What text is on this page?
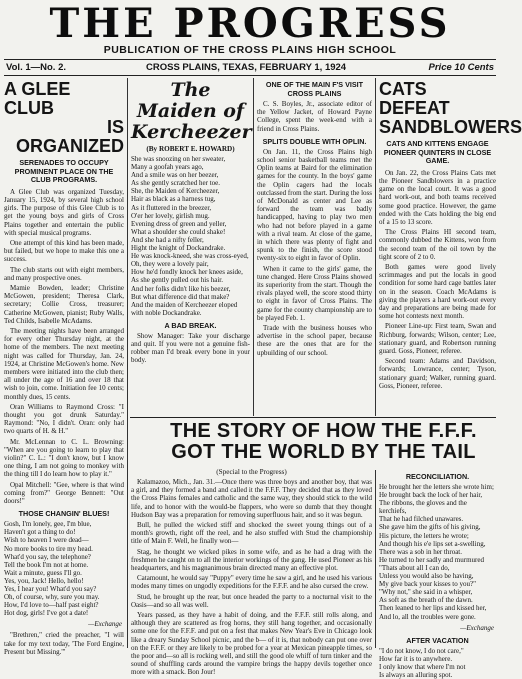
THE PROGRESS
PUBLICATION OF THE CROSS PLAINS HIGH SCHOOL
Vol. 1—No. 2.	CROSS PLAINS, TEXAS, FEBRUARY 1, 1924	Price 10 Cents
A GLEE CLUB
IS ORGANIZED
SERENADES TO OCCUPY PROMINENT PLACE ON THE CLUB PROGRAMS.

A Glee Club was organized Tuesday, January 15, 1924, by several high school girls. The purpose of this Glee Club is to get the young boys and girls of Cross Plains together and entertain the public with special musical programs.

One attempt of this kind has been made, but failed, but we hope to make this one a success.

The club starts out with eight members, and many prospective ones.

Mamie Bowden, leader; Christine McGowen, president; Theresa Clark, secretary; Collie Cross, treasurer; Catherine McGowen, pianist; Ruby Walls, Ted Childs, Isabelle McAdams.

The meeting nights have been arranged for every other Thursday night, at the home of the members. The next meeting night was called for Thursday, Jan. 24, 1924, at Christine McGowen's home. New members were initiated into the club then; all under the age of 16 and over 18 that wish to join, come. Initiation fee 10 cents; monthly dues, 15 cents.

Oran Williams to Raymond Cross: "I thought you got drunk Saturday." Raymond: "No, I didn't. Oran: only had two quarts of H. & H."

Mr. McLennan to C. L. Browning: "When are you going to learn to play that violin?" C. L.: "I don't know, but I know one thing, I am not going to monkey with the thing till I do learn how to play it."

Opal Mitchell: "Gee, where is that wind coming from?" George Bennett: "Out doors!"

THOSE CHANGIN' BLUES!
Gosh, I'm lonely, gee, I'm blue,
Haven't got a thing to do!
Wish to heaven I were dead—
No more books to tire my head.
What'd you say, the telephone?
Tell the book I'm not at home.
Wait a minute, guess I'll go.
Yes, you, Jack! Hello, hello!
Yes, I hear you! What'd you say?
Oh, of course, why, sure you may.
How, I'd love to—half past eight?
Hot dog, girls! I've got a date!
—Exchange

"Brethren," cried the preacher, "I will take for my text today, 'The Ford Engine, Present but Missing.'"

The Maiden of
Kercheezer
(By ROBERT E. HOWARD)
She was snoozing on her sweater,
Many a goofah years ago,
And a smile was on her beezer,
As she gently scratched her toe.
She, the Maiden of Kercheezer,
Hair as black as a harness tug,
As it fluttered in the breezer,
O'er her lovely, girlish mug.
Evening dress of green and yeller,
What a shoulder she could shake!
And she had a nifty feller,
Hight the knight of Dockandrake.
He was knock-kneed, she was cross-eyed,
Oh, they were a lovely pair,
How he'd fondly knock her knees aside,
As she gently pulled out his hair.
And her folks didn't like his beezer,
But what difference did that make?
And the maiden of Kercheezer eloped with noble Dockandrake.
A BAD BREAK.

Show Manager: Take your discharge and quit. If you were not a genuine fish-robber man I'd break every bone in your body.

ONE OF THE MAIN F'S VISIT CROSS PLAINS

C. S. Boyles, Jr., associate editor of the Yellow Jacket, of Howard Payne College, spent the week-end with a friend in Cross Plains.

SPLITS DOUBLE WITH OPLIN.

On Jan. 11, the Cross Plains high school senior basketball teams met the Oplin teams at Baird for the elimination games for the county. In the boys' game the Oplin cagers had the locals outclassed from the start. During the loss of McDonald as center and Lee as forward the team was badly handicapped, having to play two men who had not before played in a game with a rival team. At close of the game, in which there was plenty of fight and spunk to the finish, the score stood twenty-six to eight in favor of Oplin.

When it came to the girls' game, the tune changed. Here Cross Plains showed its superiority from the start. Though the rivals played well, the score stood thirty to eight in favor of Cross Plains. The game for the county championship are to be played Feb. 1.

Trade with the business houses who advertise in the school paper, because these are the ones that are for the upbuilding of our school.

CATS DEFEAT
SANDBLOWERS
CATS AND KITTENS ENGAGE PIONEER QUINTERS IN CLOSE GAME.

On Jan. 22, the Cross Plains Cats met the Pioneer Sandblowers in a practice game on the local court. It was a good hard work-out, and both teams received some good practice. However, the game ended with the Cats holding the big end of a 15 to 13 score.

The Cross Plains HI second team, commonly dubbed the Kittens, won from the second team of the oil town by the tight score of 2 to 0.

Both games were good lively scrimmages and put the locals in good condition for some hard cage battles later on in the season. Coach McAdams is giving the players a hard work-out every day and preparations are being made for some hot contests next month.

Pioneer Line-up: First team, Swan and Richburg, forwards; Wilson, center; Lee, stationary guard, and Robertson running guard. Goss, Pioneer, referee.

Second team: Adams and Davidson, forwards; Lowrance, center; Tyson, stationary guard; Walker, running guard. Goss, Pioneer, referee.

THE STORY OF HOW THE F.F.F. GOT THE WORLD BY THE TAIL
(Special to the Progress)

Kalamazoo, Mich., Jan. 31.—Once there was three boys and another boy, that was a girl, and they formed a band and called it the F.F.F. They decided that as they loved the Cross Plains females and catholic and the same way, they should stick to the wild life, and to honor with the would-be flappers, who were so dumb that they thought Hudson Bay was a preparation for removing superfluous hair, and so it was begun.

Bull, he pulled the wicked stiff and shocked the sweet young things out of a month's growth, right off the reel, and he also stuffed with Stud the championship title of Main F. Well, he finally won—

Stag, he thought we wicked pikes in some wife, and as he had a drag with the freshmen he caught on to all the interior workings of the gang. He used Pioneer as his headquarters, and his magnanimous brain directed many an effective plot.

Catamount, he would say "Puppy" every time he saw a girl, and he used his various modes many times on ungodly expeditions for the F.F.F. and he also cursed the crew.

Stud, he brought up the rear, but once headed the party to a nocturnal visit to the Oasis—and so all was well.

Years passed, as they have a habit of doing, and the F.F.F. still rolls along, and although they are scattered as frog horns, they still hang together, and occasionally some one for the F.F.F. and put on a fest that makes New Year's Eve in Chicago look like a dreary Sunday School picnic, and the b— of it is, that nobody can put one over on the F.F.F. or they are likely to be probed for a year at Mexican pineapple times, so the poor and—so all is rocking well, and still the good ole whiff of turn tinker and the sound of shuffling cards around the vampire brings the happy devils together once more with a smack. Bon Jour!

RECONCILIATION.
He brought her the letters she wrote him;
He brought back the lock of her hair,
The ribbons, the gloves and the kerchiefs,
That he had filched unawares.
She gave him the gifts of his giving,
His picture, the letters he wrote;
And though his e'e lips set a-swelling,
There was a sob in her throat.
He turned to her sadly and murmured
"Thats about all I can do,
Unless you would also be having,
My give back your kisses to you?"
"Why not," she said in a whisper,
As soft as the breath of the dawn.
Then leaned to her lips and kissed her,
And lo, all the troubles were gone.
—Exchange
AFTER VACATION
"I do not know, I do not care,"
How far it is to anywhere.
I only know that where I'm not
Is always an alluring spot.
